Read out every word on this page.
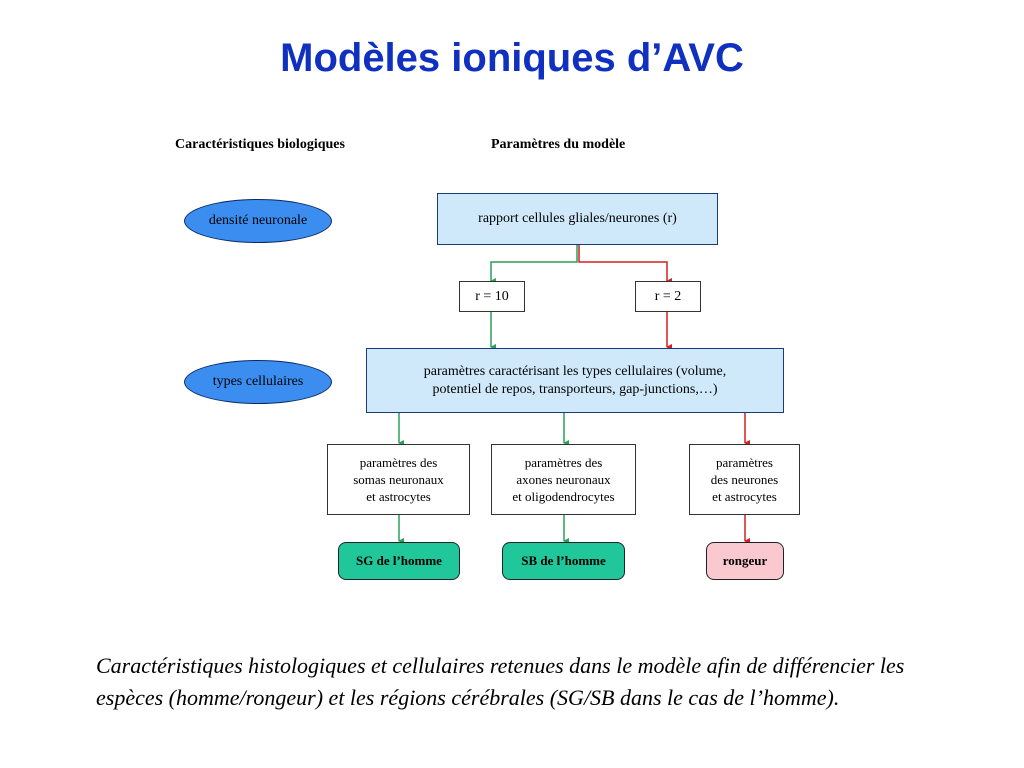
Modèles ioniques d’AVC
Caractéristiques biologiques	Paramètres du modèle
densité neuronale
types cellulaires
rapport cellules gliales/neurones (r)
r = 10	r = 2
paramètres caractérisant les types cellulaires (volume,
potentiel de repos, transporteurs, gap-junctions,…)
paramètres des
somas neuronaux
et astrocytes
paramètres des
axones neuronaux
et oligodendrocytes
paramètres
des neurones
et astrocytes
SG de l’homme	SB de l’homme	rongeur

Caractéristiques histologiques et cellulaires retenues dans le modèle afin de différencier les espèces (homme/rongeur) et les régions cérébrales (SG/SB dans le cas de l’homme).
